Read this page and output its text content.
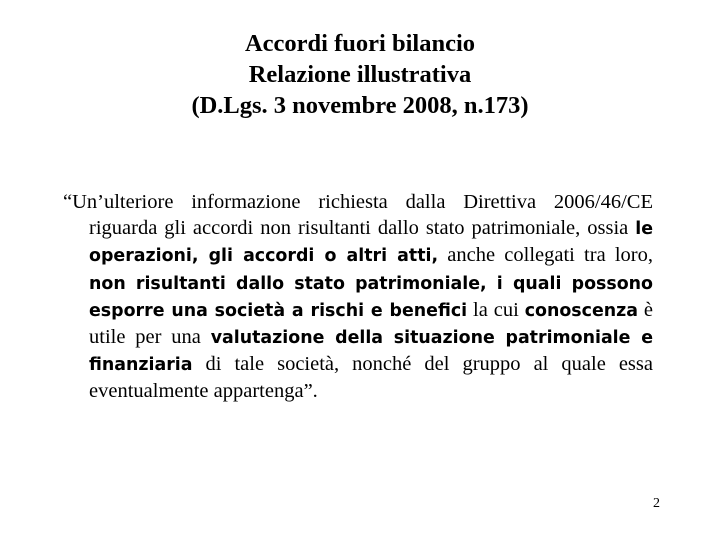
Accordi fuori bilancio
Relazione illustrativa
(D.Lgs. 3 novembre 2008, n.173)
“Un’ulteriore informazione richiesta dalla Direttiva 2006/46/CE riguarda gli accordi non risultanti dallo stato patrimoniale, ossia le operazioni, gli accordi o altri atti, anche collegati tra loro, non risultanti dallo stato patrimoniale, i quali possono esporre una società a rischi e benefici la cui conoscenza è utile per una valutazione della situazione patrimoniale e finanziaria di tale società, nonché del gruppo al quale essa eventualmente appartenga”.
2
